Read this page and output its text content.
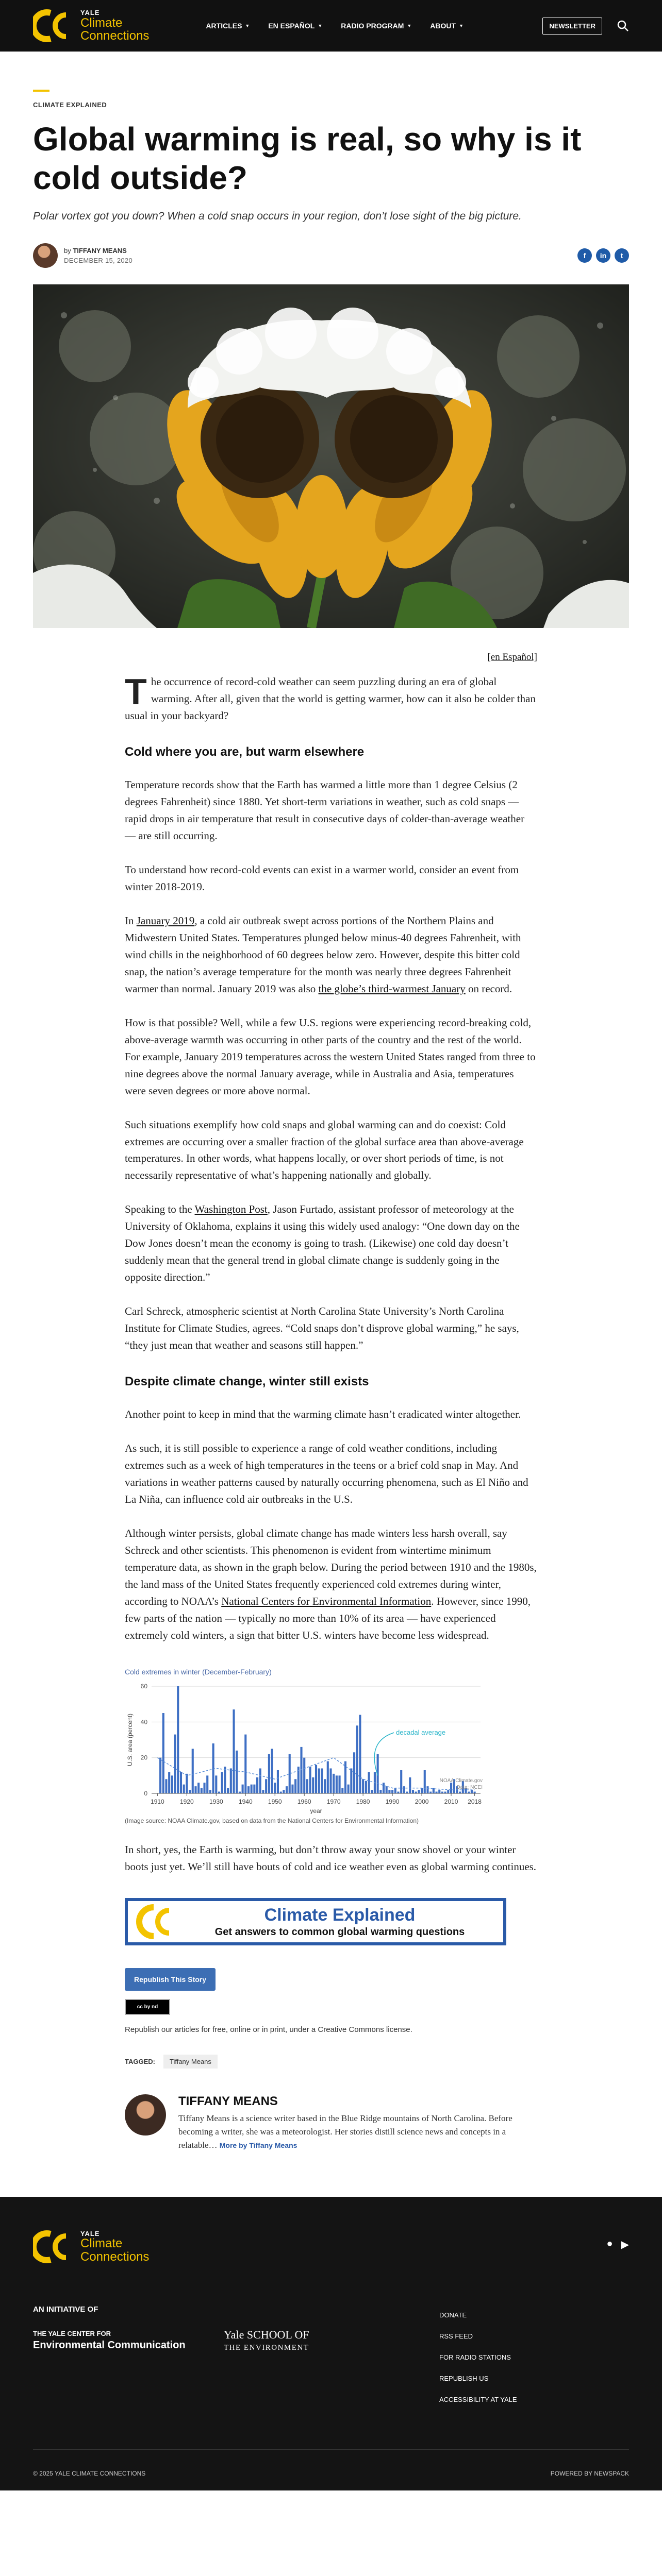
YALE
Climate
Connections
ARTICLES ▼	EN ESPAÑOL ▼	RADIO PROGRAM ▼	ABOUT ▼	NEWSLETTER
CLIMATE EXPLAINED
Global warming is real, so why is it cold outside?

Polar vortex got you down? When a cold snap occurs in your region, don’t lose sight of the big picture.

by TIFFANY MEANS
DECEMBER 15, 2020
f	in	t
[en Español]

The occurrence of record-cold weather can seem puzzling during an era of global warming. After all, given that the world is getting warmer, how can it also be colder than usual in your backyard?

Cold where you are, but warm elsewhere

Temperature records show that the Earth has warmed a little more than 1 degree Celsius (2 degrees Fahrenheit) since 1880. Yet short-term variations in weather, such as cold snaps — rapid drops in air temperature that result in consecutive days of colder-than-average weather — are still occurring.

To understand how record-cold events can exist in a warmer world, consider an event from winter 2018-2019.

In January 2019, a cold air outbreak swept across portions of the Northern Plains and Midwestern United States. Temperatures plunged below minus-40 degrees Fahrenheit, with wind chills in the neighborhood of 60 degrees below zero. However, despite this bitter cold snap, the nation’s average temperature for the month was nearly three degrees Fahrenheit warmer than normal. January 2019 was also the globe’s third-warmest January on record.

How is that possible? Well, while a few U.S. regions were experiencing record-breaking cold, above-average warmth was occurring in other parts of the country and the rest of the world. For example, January 2019 temperatures across the western United States ranged from three to nine degrees above the normal January average, while in Australia and Asia, temperatures were seven degrees or more above normal.

Such situations exemplify how cold snaps and global warming can and do coexist: Cold extremes are occurring over a smaller fraction of the global surface area than above-average temperatures. In other words, what happens locally, or over short periods of time, is not necessarily representative of what’s happening nationally and globally.

Speaking to the Washington Post, Jason Furtado, assistant professor of meteorology at the University of Oklahoma, explains it using this widely used analogy: “One down day on the Dow Jones doesn’t mean the economy is going to trash. (Likewise) one cold day doesn’t suddenly mean that the general trend in global climate change is suddenly going in the opposite direction.”

Carl Schreck, atmospheric scientist at North Carolina State University’s North Carolina Institute for Climate Studies, agrees. “Cold snaps don’t disprove global warming,” he says, “they just mean that weather and seasons still happen.”

Despite climate change, winter still exists

Another point to keep in mind that the warming climate hasn’t eradicated winter altogether.

As such, it is still possible to experience a range of cold weather conditions, including extremes such as a week of high temperatures in the teens or a brief cold snap in May. And variations in weather patterns caused by naturally occurring phenomena, such as El Niño and La Niña, can influence cold air outbreaks in the U.S.

Although winter persists, global climate change has made winters less harsh overall, say Schreck and other scientists. This phenomenon is evident from wintertime minimum temperature data, as shown in the graph below. During the period between 1910 and the 1980s, the land mass of the United States frequently experienced cold extremes during winter, according to NOAA’s National Centers for Environmental Information. However, since 1990, few parts of the nation — typically no more than 10% of its area — have experienced extremely cold winters, a sign that bitter U.S. winters have become less widespread.

Cold extremes in winter (December-February)
0
20
40
60
1910	1920	1930	1940	1950	1960	1970	1980	1990	2000	2010 2018
year
U.S. area (percent)	decadal average
NOAA Climate.gov
Data: NCEI
(Image source: NOAA Climate.gov, based on data from the National Centers for Environmental Information)

In short, yes, the Earth is warming, but don’t throw away your snow shovel or your winter boots just yet. We’ll still have bouts of cold and ice weather even as global warming continues.

Climate Explained
Get answers to common global warming questions
Republish This Story
cc by nd
Republish our articles for free, online or in print, under a Creative Commons license.
TAGGED:	Tiffany Means
TIFFANY MEANS
Tiffany Means is a science writer based in the Blue Ridge mountains of North Carolina. Before becoming a writer, she was a meteorologist. Her stories distill science news and concepts in a relatable… More by Tiffany Means
YALE
Climate
Connections
● ▶
AN INITIATIVE OF
THE YALE CENTER FOR
Environmental Communication
Yale SCHOOL OF
THE ENVIRONMENT
DONATE
RSS FEED
FOR RADIO STATIONS
REPUBLISH US
ACCESSIBILITY AT YALE
© 2025 YALE CLIMATE CONNECTIONS	POWERED BY NEWSPACK
